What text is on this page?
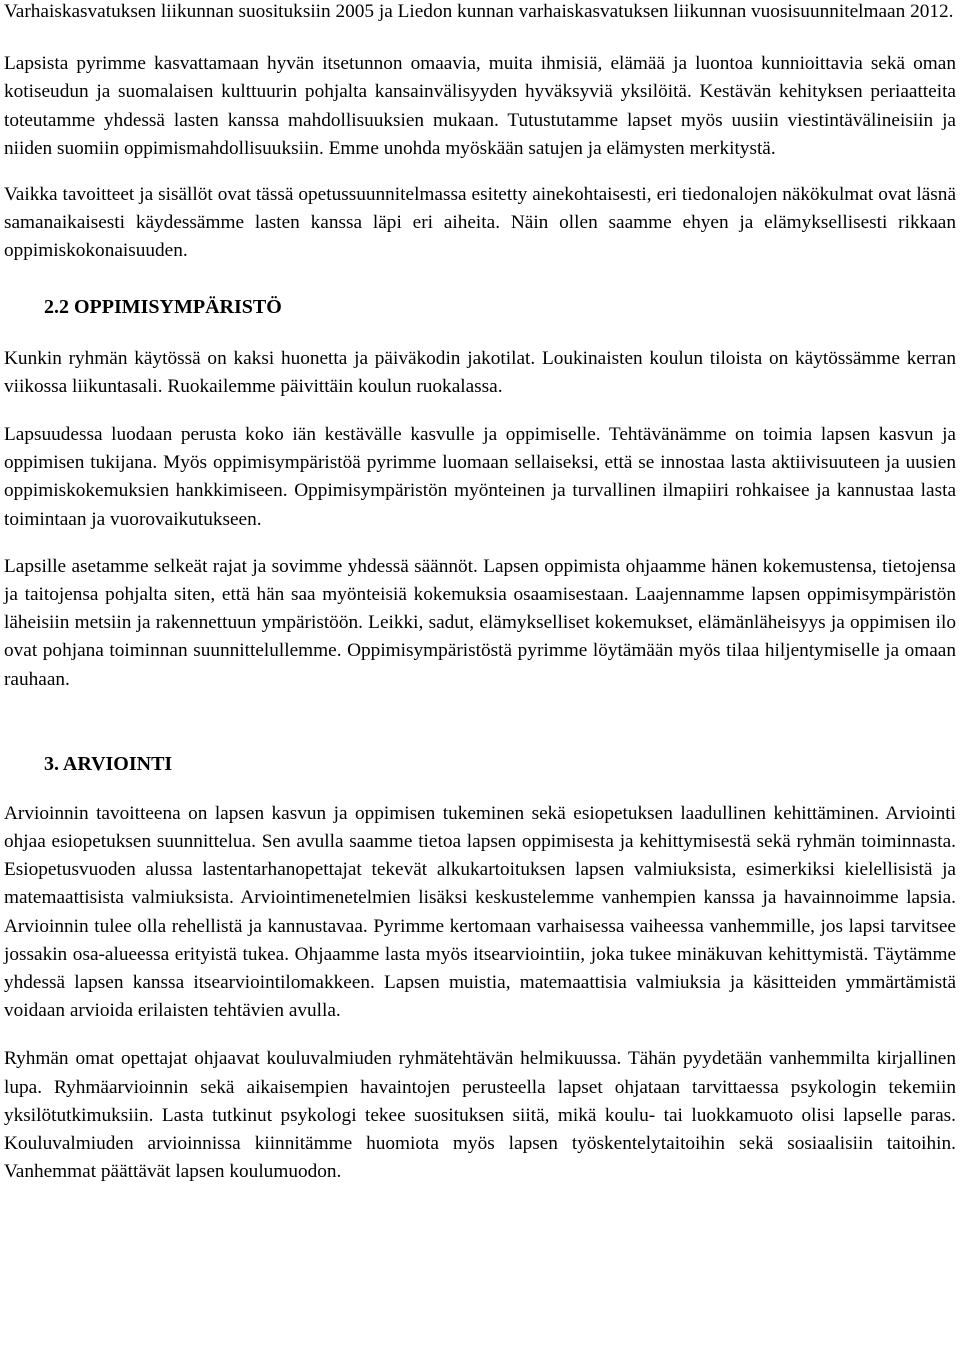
Varhaiskasvatuksen liikunnan suosituksiin 2005 ja Liedon kunnan varhaiskasvatuksen liikunnan vuosisuunnitelmaan 2012.

Lapsista pyrimme kasvattamaan hyvän itsetunnon omaavia, muita ihmisiä, elämää ja luontoa kunnioittavia sekä oman kotiseudun ja suomalaisen kulttuurin pohjalta kansainvälisyyden hyväksyviä yksilöitä. Kestävän kehityksen periaatteita toteutamme yhdessä lasten kanssa mahdollisuuksien mukaan. Tutustutamme lapset myös uusiin viestintävälineisiin ja niiden suomiin oppimismahdollisuuksiin. Emme unohda myöskään satujen ja elämysten merkitystä.

Vaikka tavoitteet ja sisällöt ovat tässä opetussuunnitelmassa esitetty ainekohtaisesti, eri tiedonalojen näkökulmat ovat läsnä samanaikaisesti käydessämme lasten kanssa läpi eri aiheita. Näin ollen saamme ehyen ja elämyksellisesti rikkaan oppimiskokonaisuuden.

2.2 OPPIMISYMPÄRISTÖ

Kunkin ryhmän käytössä on kaksi huonetta ja päiväkodin jakotilat. Loukinaisten koulun tiloista on käytössämme kerran viikossa liikuntasali. Ruokailemme päivittäin koulun ruokalassa.

Lapsuudessa luodaan perusta koko iän kestävälle kasvulle ja oppimiselle. Tehtävänämme on toimia lapsen kasvun ja oppimisen tukijana. Myös oppimisympäristöä pyrimme luomaan sellaiseksi, että se innostaa lasta aktiivisuuteen ja uusien oppimiskokemuksien hankkimiseen. Oppimisympäristön myönteinen ja turvallinen ilmapiiri rohkaisee ja kannustaa lasta toimintaan ja vuorovaikutukseen.

Lapsille asetamme selkeät rajat ja sovimme yhdessä säännöt. Lapsen oppimista ohjaamme hänen kokemustensa, tietojensa ja taitojensa pohjalta siten, että hän saa myönteisiä kokemuksia osaamisestaan. Laajennamme lapsen oppimisympäristön läheisiin metsiin ja rakennettuun ympäristöön. Leikki, sadut, elämykselliset kokemukset, elämänläheisyys ja oppimisen ilo ovat pohjana toiminnan suunnittelullemme. Oppimisympäristöstä pyrimme löytämään myös tilaa hiljentymiselle ja omaan rauhaan.

3. ARVIOINTI

Arvioinnin tavoitteena on lapsen kasvun ja oppimisen tukeminen sekä esiopetuksen laadullinen kehittäminen. Arviointi ohjaa esiopetuksen suunnittelua. Sen avulla saamme tietoa lapsen oppimisesta ja kehittymisestä sekä ryhmän toiminnasta. Esiopetusvuoden alussa lastentarhanopettajat tekevät alkukartoituksen lapsen valmiuksista, esimerkiksi kielellisistä ja matemaattisista valmiuksista. Arviointimenetelmien lisäksi keskustelemme vanhempien kanssa ja havainnoimme lapsia. Arvioinnin tulee olla rehellistä ja kannustavaa. Pyrimme kertomaan varhaisessa vaiheessa vanhemmille, jos lapsi tarvitsee jossakin osa-alueessa erityistä tukea. Ohjaamme lasta myös itsearviointiin, joka tukee minäkuvan kehittymistä. Täytämme yhdessä lapsen kanssa itsearviointilomakkeen. Lapsen muistia, matemaattisia valmiuksia ja käsitteiden ymmärtämistä voidaan arvioida erilaisten tehtävien avulla.

Ryhmän omat opettajat ohjaavat kouluvalmiuden ryhmätehtävän helmikuussa. Tähän pyydetään vanhemmilta kirjallinen lupa. Ryhmäarvioinnin sekä aikaisempien havaintojen perusteella lapset ohjataan tarvittaessa psykologin tekemiin yksilötutkimuksiin. Lasta tutkinut psykologi tekee suosituksen siitä, mikä koulu- tai luokkamuoto olisi lapselle paras. Kouluvalmiuden arvioinnissa kiinnitämme huomiota myös lapsen työskentelytaitoihin sekä sosiaalisiin taitoihin. Vanhemmat päättävät lapsen koulumuodon.
